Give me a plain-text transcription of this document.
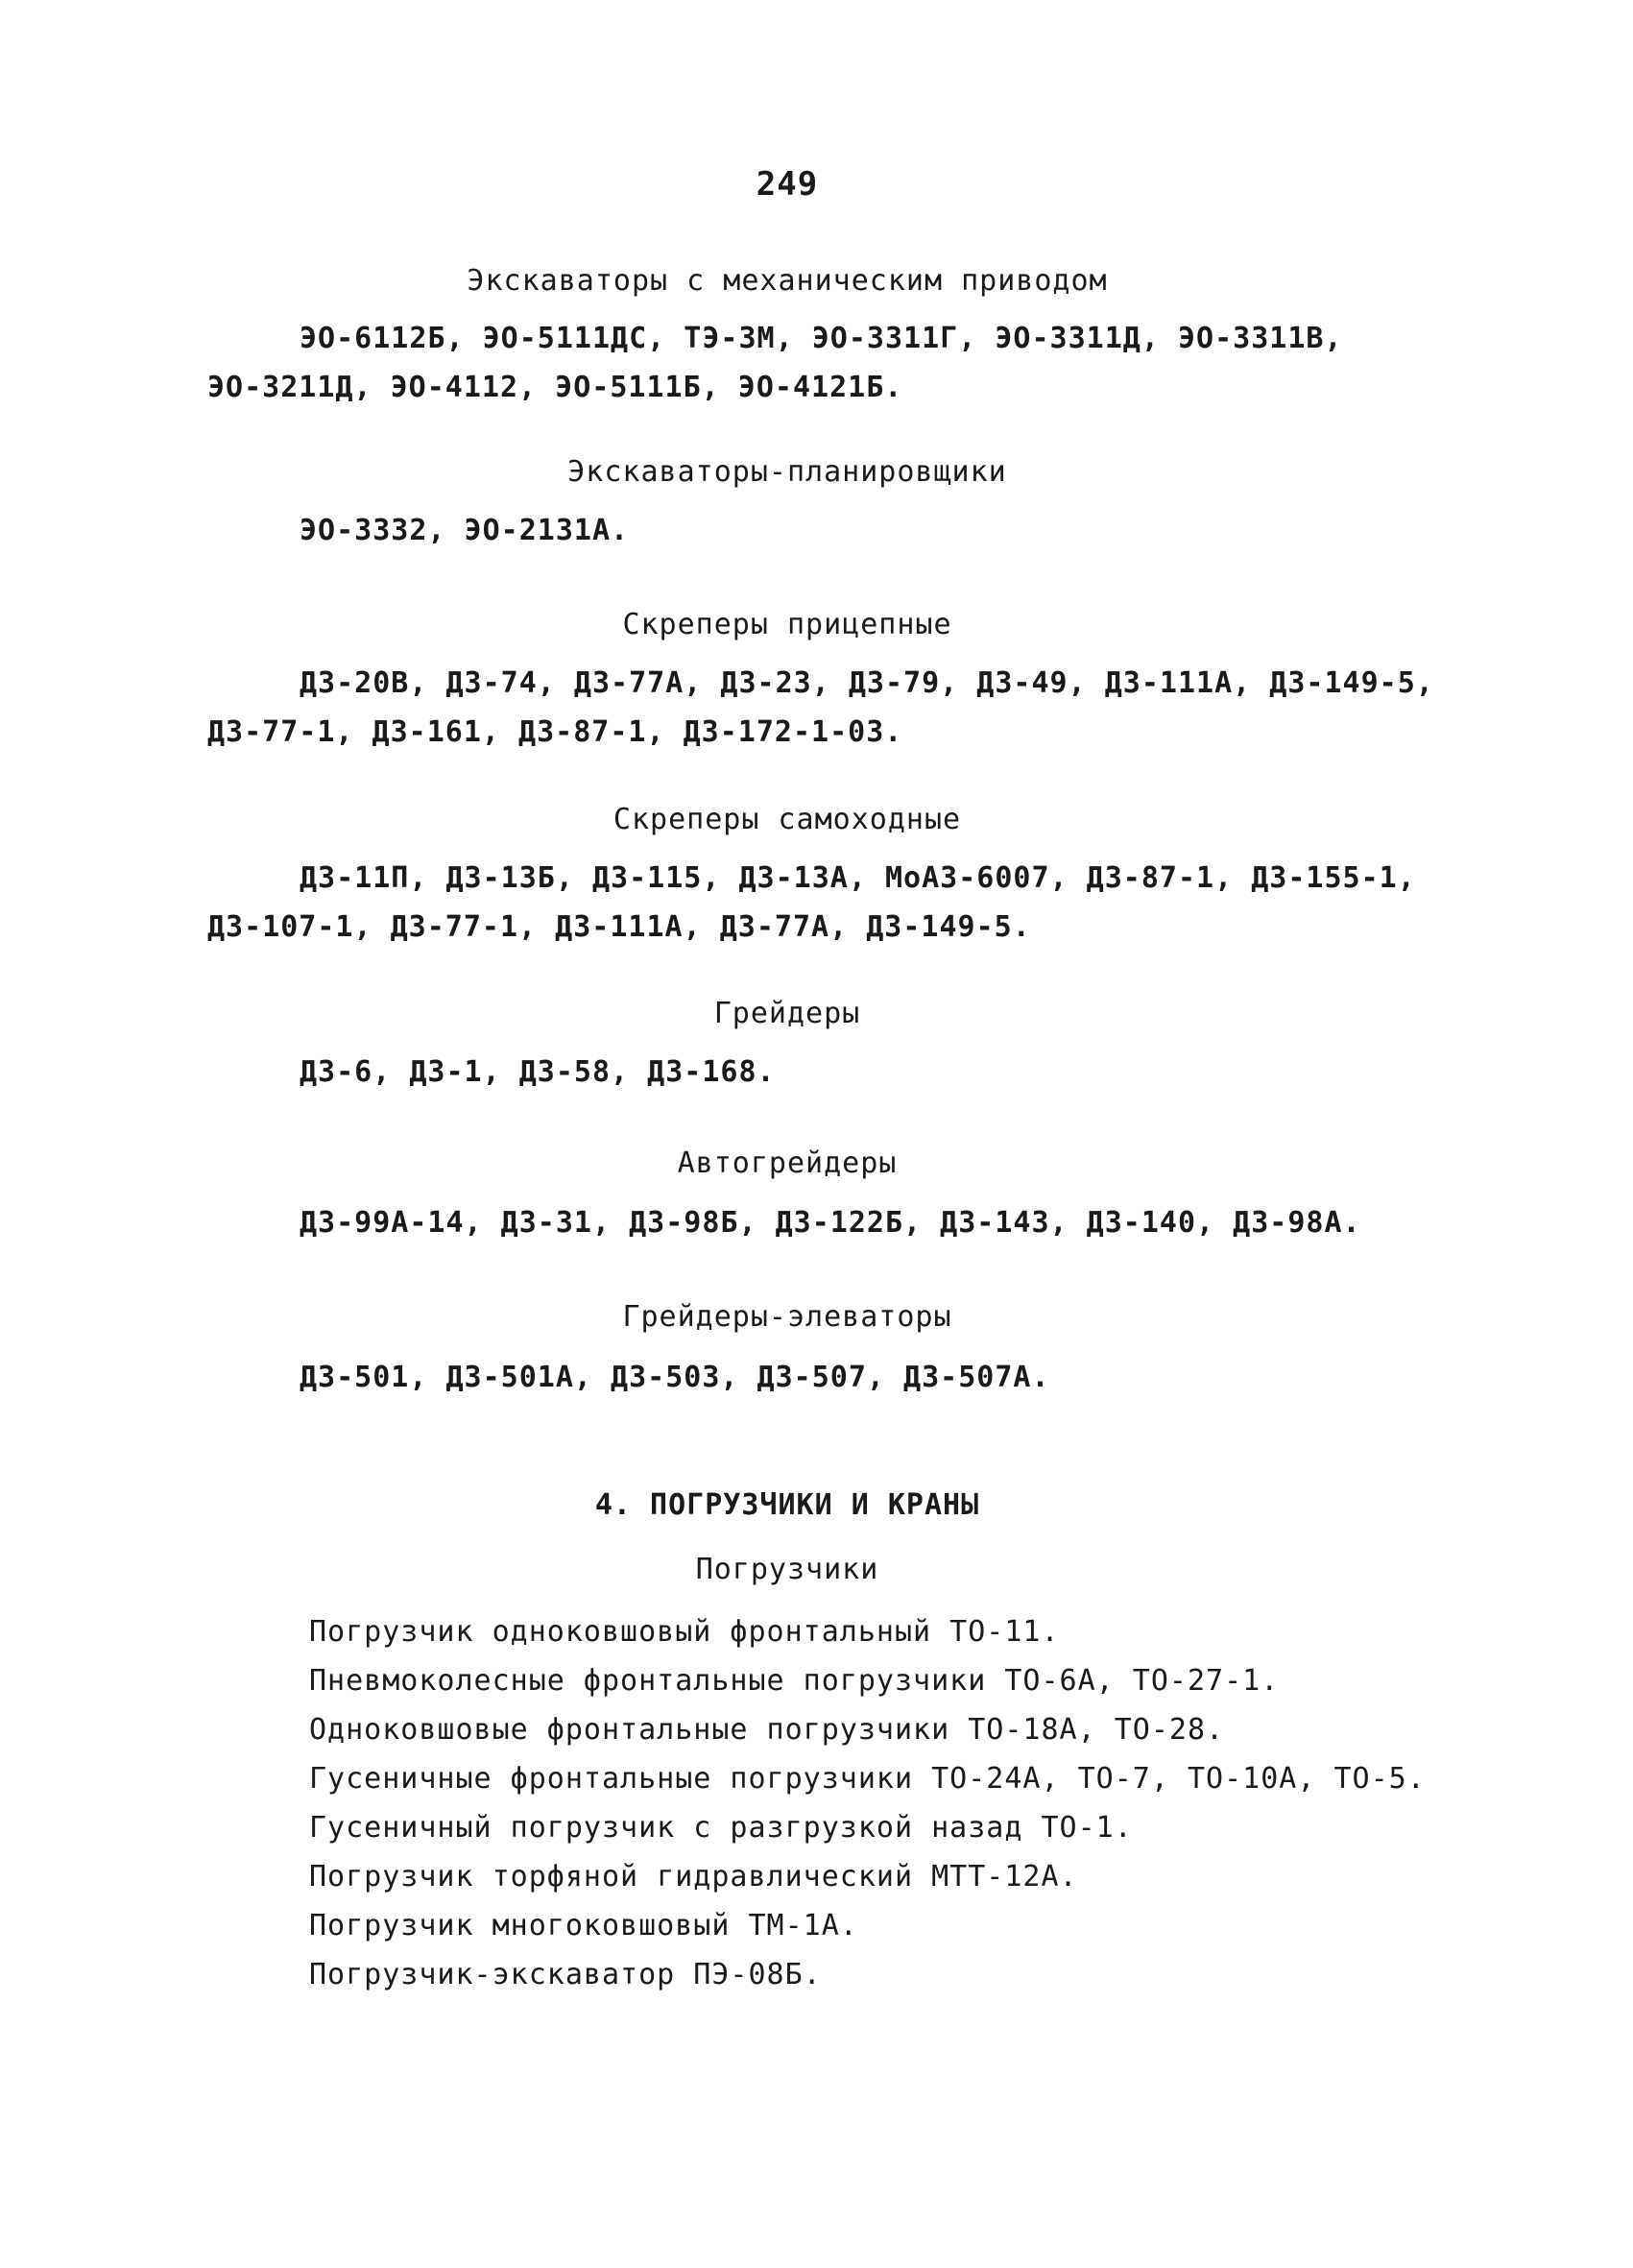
249
Экскаваторы с механическим приводом
ЭО-6112Б, ЭО-5111ДС, ТЭ-3М, ЭО-3311Г, ЭО-3311Д, ЭО-3311В,
ЭО-3211Д, ЭО-4112, ЭО-5111Б, ЭО-4121Б.
Экскаваторы-планировщики
ЭО-3332, ЭО-2131А.
Скреперы прицепные
ДЗ-20В, ДЗ-74, ДЗ-77А, ДЗ-23, ДЗ-79, ДЗ-49, ДЗ-111А, ДЗ-149-5,
ДЗ-77-1, ДЗ-161, ДЗ-87-1, ДЗ-172-1-03.
Скреперы самоходные
ДЗ-11П, ДЗ-13Б, ДЗ-115, ДЗ-13А, МоАЗ-6007, ДЗ-87-1, ДЗ-155-1,
ДЗ-107-1, ДЗ-77-1, ДЗ-111А, ДЗ-77А, ДЗ-149-5.
Грейдеры
ДЗ-6, ДЗ-1, ДЗ-58, ДЗ-168.
Автогрейдеры
ДЗ-99А-14, ДЗ-31, ДЗ-98Б, ДЗ-122Б, ДЗ-143, ДЗ-140, ДЗ-98А.
Грейдеры-элеваторы
ДЗ-501, ДЗ-501А, ДЗ-503, ДЗ-507, ДЗ-507А.
4. ПОГРУЗЧИКИ И КРАНЫ
Погрузчики
Погрузчик одноковшовый фронтальный ТО-11.
Пневмоколесные фронтальные погрузчики ТО-6А, ТО-27-1.
Одноковшовые фронтальные погрузчики ТО-18А, ТО-28.
Гусеничные фронтальные погрузчики ТО-24А, ТО-7, ТО-10А, ТО-5.
Гусеничный погрузчик с разгрузкой назад ТО-1.
Погрузчик торфяной гидравлический МТТ-12А.
Погрузчик многоковшовый ТМ-1А.
Погрузчик-экскаватор ПЭ-08Б.
